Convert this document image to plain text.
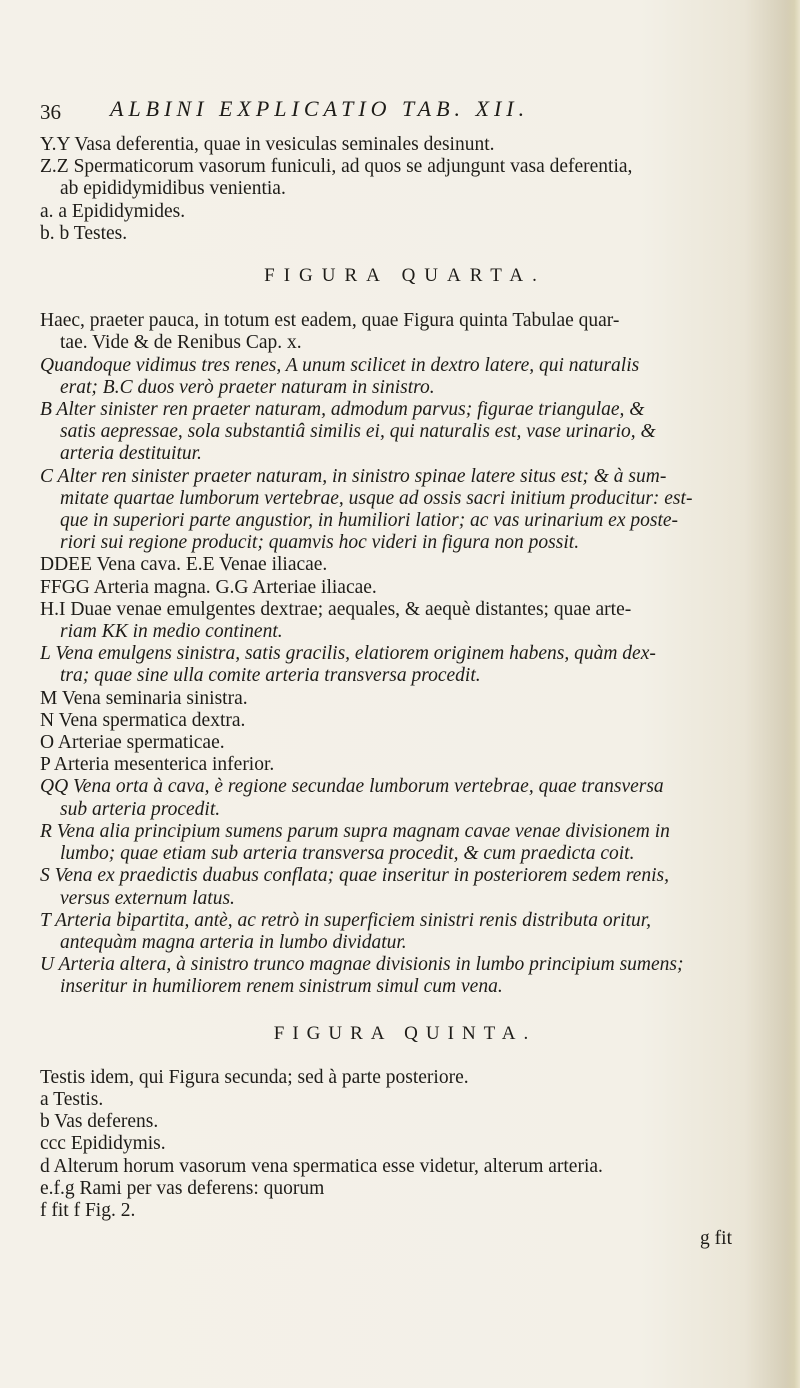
36 ALBINI EXPLICATIO TAB. XII.
Y.Y Vasa deferentia, quae in vesiculas seminales desinunt.
Z.Z Spermaticorum vasorum funiculi, ad quos se adjungunt vasa deferentia,
ab epididymidibus venientia.
a. a Epididymides.
b. b Testes.
FIGURA QUARTA.
Haec, praeter pauca, in totum est eadem, quae Figura quinta Tabulae quar-
tae. Vide & de Renibus Cap. x.
Quandoque vidimus tres renes, A unum scilicet in dextro latere, qui naturalis
erat; B.C duos verò praeter naturam in sinistro.
B Alter sinister ren praeter naturam, admodum parvus; figurae triangulae, &
satis aepressae, sola substantiâ similis ei, qui naturalis est, vase urinario, &
arteria destituitur.
C Alter ren sinister praeter naturam, in sinistro spinae latere situs est; & à sum-
mitate quartae lumborum vertebrae, usque ad ossis sacri initium producitur: est-
que in superiori parte angustior, in humiliori latior; ac vas urinarium ex poste-
riori sui regione producit; quamvis hoc videri in figura non possit.
DDEE Vena cava. E.E Venae iliacae.
FFGG Arteria magna. G.G Arteriae iliacae.
H.I Duae venae emulgentes dextrae; aequales, & aequè distantes; quae arte-
riam KK in medio continent.
L Vena emulgens sinistra, satis gracilis, elatiorem originem habens, quàm dex-
tra; quae sine ulla comite arteria transversa procedit.
M Vena seminaria sinistra.
N Vena spermatica dextra.
O Arteriae spermaticae.
P Arteria mesenterica inferior.
QQ Vena orta à cava, è regione secundae lumborum vertebrae, quae transversa
sub arteria procedit.
R Vena alia principium sumens parum supra magnam cavae venae divisionem in
lumbo; quae etiam sub arteria transversa procedit, & cum praedicta coit.
S Vena ex praedictis duabus conflata; quae inseritur in posteriorem sedem renis,
versus externum latus.
T Arteria bipartita, antè, ac retrò in superficiem sinistri renis distributa oritur,
antequàm magna arteria in lumbo dividatur.
U Arteria altera, à sinistro trunco magnae divisionis in lumbo principium sumens;
inseritur in humiliorem renem sinistrum simul cum vena.
FIGURA QUINTA.
Testis idem, qui Figura secunda; sed à parte posteriore.
a Testis.
b Vas deferens.
ccc Epididymis.
d Alterum horum vasorum vena spermatica esse videtur, alterum arteria.
e.f.g Rami per vas deferens: quorum
f fit f Fig. 2.
g fit
